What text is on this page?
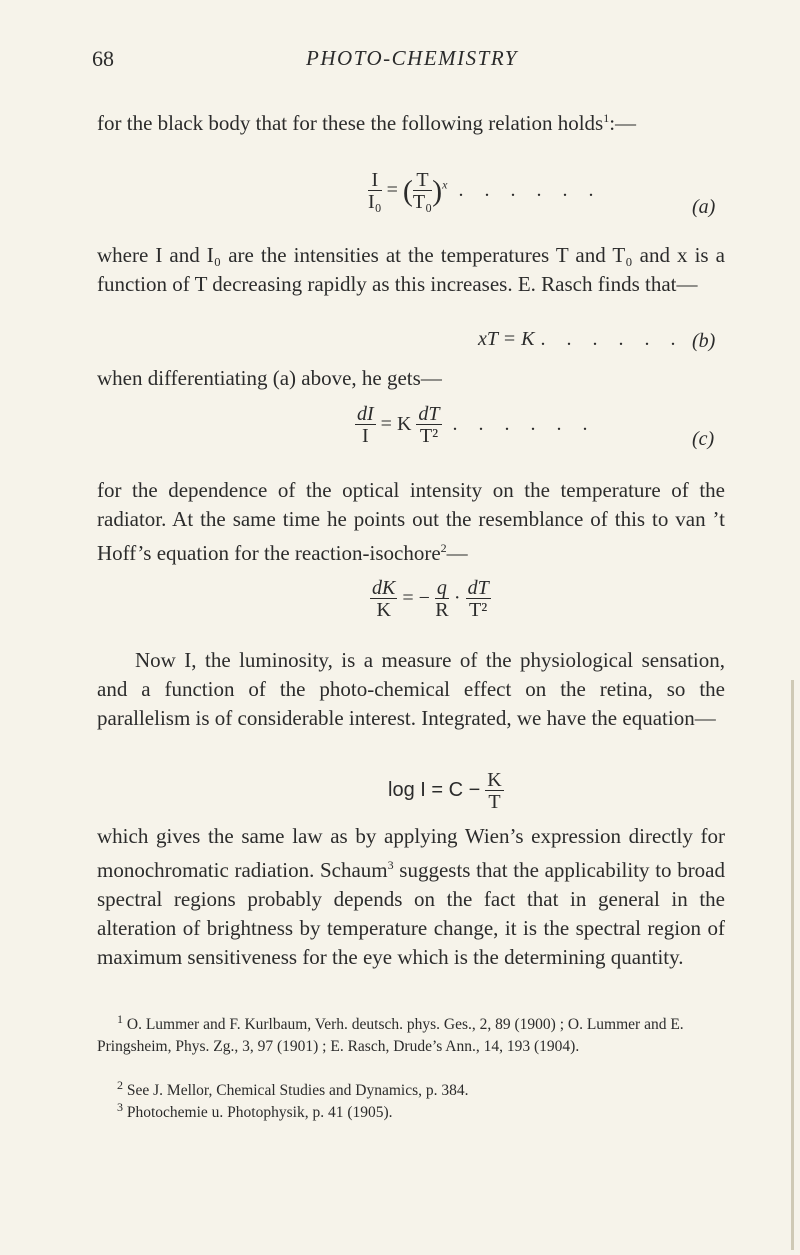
68	PHOTO-CHEMISTRY
for the black body that for these the following relation holds$^1$:—
$\frac{I}{\text{I₀}}$ = ( $\frac{T}{\text{T₀}} )^x$ . . . . . .
(a)
where I and I₀ are the intensities at the temperatures T and T₀ and x is a function of T decreasing rapidly as this increases. E. Rasch finds that—
xT = K . . . . . . (b)
when differentiating (a) above, he gets—
$\frac{dI}{I} = K \frac{dT}{\text{T²}}$ . . . . . .
(c)
for the dependence of the optical intensity on the temperature of the radiator. At the same time he points out the resemblance of this to van ’t Hoff’s equation for the reaction-isochore$^2$—
$\frac{dK}{K}$ = − $\frac{q}{R} \cdot \frac{dT}{\text{T²}}$
Now I, the luminosity, is a measure of the physiological sensation, and a function of the photo-chemical effect on the retina, so the parallelism is of considerable interest. Integrated, we have the equation—
$\log I = C - \frac{K}{T}$
which gives the same law as by applying Wien’s expression directly for monochromatic radiation. Schaum$^3$ suggests that the applicability to broad spectral regions probably depends on the fact that in general in the alteration of brightness by temperature change, it is the spectral region of maximum sensitiveness for the eye which is the determining quantity.
$^1$ O. Lummer and F. Kurlbaum, Verh. deutsch. phys. Ges., 2, 89 (1900) ; O. Lummer and E. Pringsheim, Phys. Zg., 3, 97 (1901) ; E. Rasch, Drude’s Ann., 14, 193 (1904).
$^2$ See J. Mellor, Chemical Studies and Dynamics, p. 384.
$^3$ Photochemie u. Photophysik, p. 41 (1905).
